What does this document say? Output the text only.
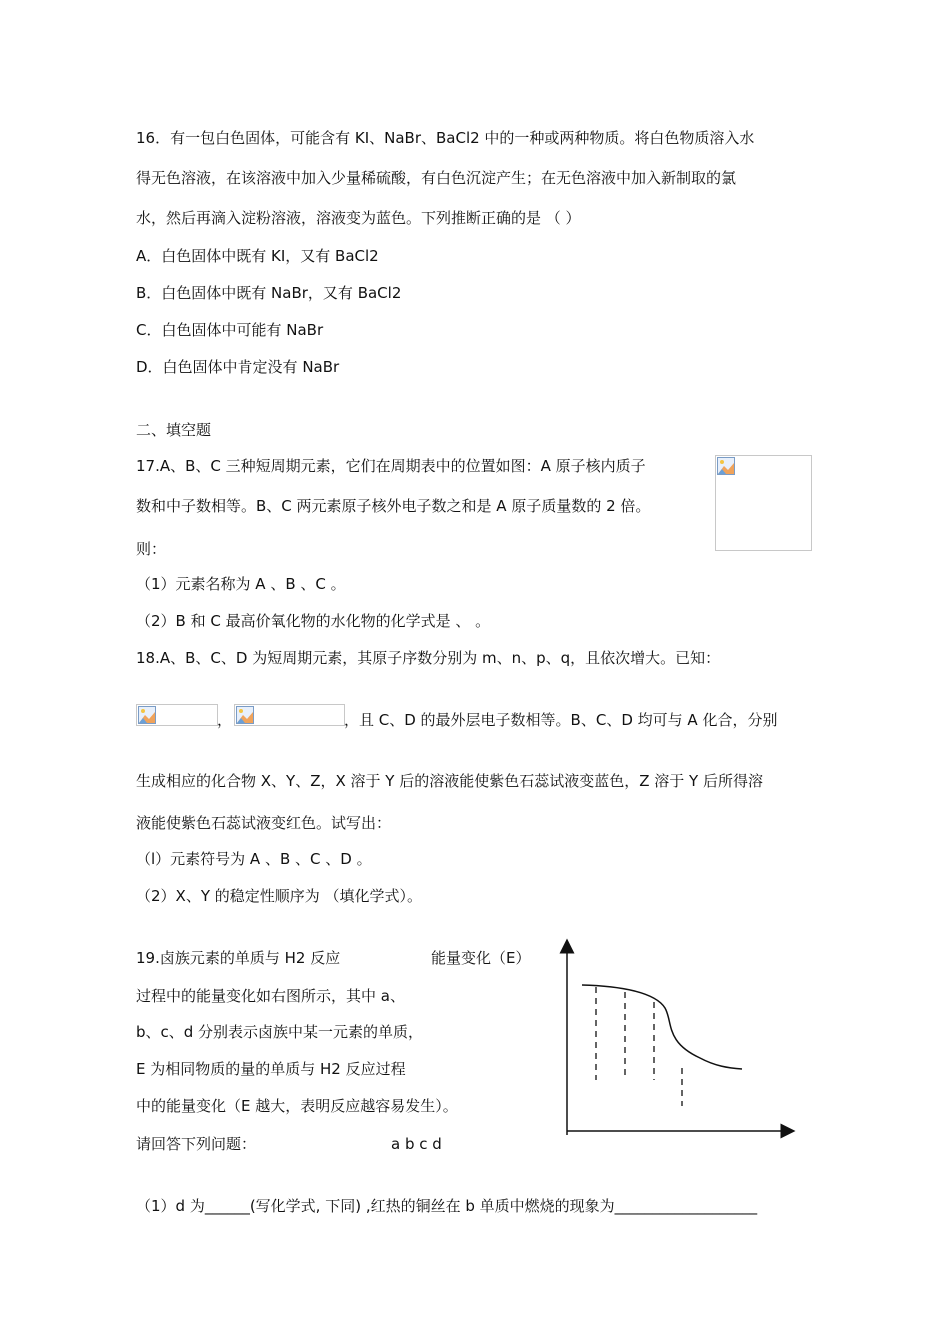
16．有一包白色固体，可能含有 KI、NaBr、BaCl2 中的一种或两种物质。将白色物质溶入水
得无色溶液，在该溶液中加入少量稀硫酸，有白色沉淀产生；在无色溶液中加入新制取的氯
水，然后再滴入淀粉溶液，溶液变为蓝色。下列推断正确的是 （ ）
A．白色固体中既有 KI，又有 BaCl2
B．白色固体中既有 NaBr，又有 BaCl2
C．白色固体中可能有 NaBr
D．白色固体中肯定没有 NaBr
二、填空题
17.A、B、C 三种短周期元素，它们在周期表中的位置如图：A 原子核内质子
数和中子数相等。B、C 两元素原子核外电子数之和是 A 原子质量数的 2 倍。
则：
（1）元素名称为 A 、B 、C 。
（2）B 和 C 最高价氧化物的水化物的化学式是 、 。
18.A、B、C、D 为短周期元素，其原子序数分别为 m、n、p、q，且依次增大。已知：
，	，且 C、D 的最外层电子数相等。B、C、D 均可与 A 化合，分别
生成相应的化合物 X、Y、Z，X 溶于 Y 后的溶液能使紫色石蕊试液变蓝色，Z 溶于 Y 后所得溶
液能使紫色石蕊试液变红色。试写出：
（l）元素符号为 A 、B 、C 、D 。
（2）X、Y 的稳定性顺序为 （填化学式）。
19.卤族元素的单质与 H2 反应	能量变化（E）
过程中的能量变化如右图所示，其中 a、
b、c、d 分别表示卤族中某一元素的单质，
E 为相同物质的量的单质与 H2 反应过程
中的能量变化（E 越大，表明反应越容易发生）。
请回答下列问题：	a b c d
（1）d 为______(写化学式, 下同) ,红热的铜丝在 b 单质中燃烧的现象为___________________
